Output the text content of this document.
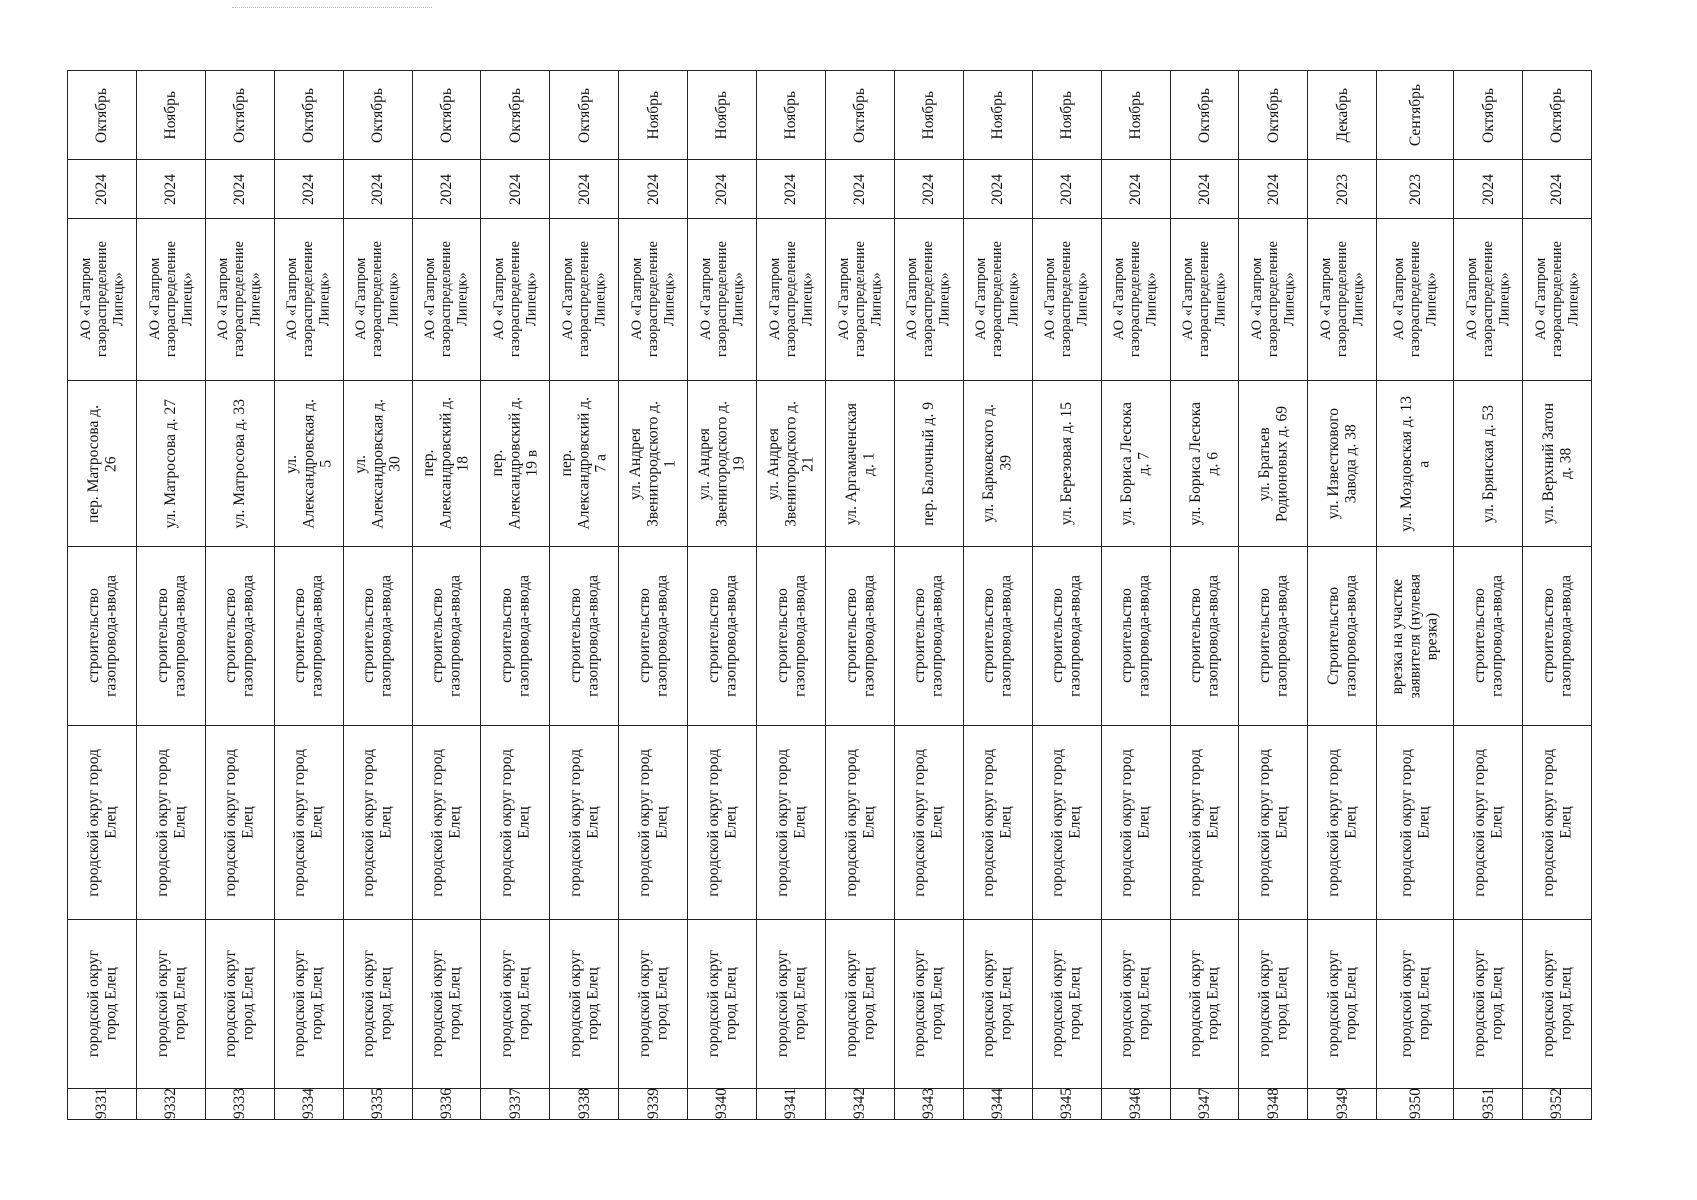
Октябрь
2024
АО «Газпром
газораспределение
Липецк»
пер. Матросова д.
26
строительство
газопровода-ввода
городской округ город
Елец
городской округ
город Елец
9331
Ноябрь
2024
АО «Газпром
газораспределение
Липецк»
ул. Матросова д. 27
строительство
газопровода-ввода
городской округ город
Елец
городской округ
город Елец
9332
Октябрь
2024
АО «Газпром
газораспределение
Липецк»
ул. Матросова д. 33
строительство
газопровода-ввода
городской округ город
Елец
городской округ
город Елец
9333
Октябрь
2024
АО «Газпром
газораспределение
Липецк»
ул.
Александровская д.
5
строительство
газопровода-ввода
городской округ город
Елец
городской округ
город Елец
9334
Октябрь
2024
АО «Газпром
газораспределение
Липецк»
ул.
Александровская д.
30
строительство
газопровода-ввода
городской округ город
Елец
городской округ
город Елец
9335
Октябрь
2024
АО «Газпром
газораспределение
Липецк»
пер.
Александровский д.
18
строительство
газопровода-ввода
городской округ город
Елец
городской округ
город Елец
9336
Октябрь
2024
АО «Газпром
газораспределение
Липецк»
пер.
Александровский д.
19 в
строительство
газопровода-ввода
городской округ город
Елец
городской округ
город Елец
9337
Октябрь
2024
АО «Газпром
газораспределение
Липецк»
пер.
Александровский д.
7 а
строительство
газопровода-ввода
городской округ город
Елец
городской округ
город Елец
9338
Ноябрь
2024
АО «Газпром
газораспределение
Липецк»
ул. Андрея
Звенигородского д.
1
строительство
газопровода-ввода
городской округ город
Елец
городской округ
город Елец
9339
Ноябрь
2024
АО «Газпром
газораспределение
Липецк»
ул. Андрея
Звенигородского д.
19
строительство
газопровода-ввода
городской округ город
Елец
городской округ
город Елец
9340
Ноябрь
2024
АО «Газпром
газораспределение
Липецк»
ул. Андрея
Звенигородского д.
21
строительство
газопровода-ввода
городской округ город
Елец
городской округ
город Елец
9341
Октябрь
2024
АО «Газпром
газораспределение
Липецк»
ул. Аргамаченская
д. 1
строительство
газопровода-ввода
городской округ город
Елец
городской округ
город Елец
9342
Ноябрь
2024
АО «Газпром
газораспределение
Липецк»
пер. Балочный д. 9
строительство
газопровода-ввода
городской округ город
Елец
городской округ
город Елец
9343
Ноябрь
2024
АО «Газпром
газораспределение
Липецк»
ул. Барковского д.
39
строительство
газопровода-ввода
городской округ город
Елец
городской округ
город Елец
9344
Ноябрь
2024
АО «Газпром
газораспределение
Липецк»
ул. Березовая д. 15
строительство
газопровода-ввода
городской округ город
Елец
городской округ
город Елец
9345
Ноябрь
2024
АО «Газпром
газораспределение
Липецк»
ул. Бориса Лесюка
д. 7
строительство
газопровода-ввода
городской округ город
Елец
городской округ
город Елец
9346
Октябрь
2024
АО «Газпром
газораспределение
Липецк»
ул. Бориса Лесюка
д. 6
строительство
газопровода-ввода
городской округ город
Елец
городской округ
город Елец
9347
Октябрь
2024
АО «Газпром
газораспределение
Липецк»
ул. Братьев
Родионовых д. 69
строительство
газопровода-ввода
городской округ город
Елец
городской округ
город Елец
9348
Декабрь
2023
АО «Газпром
газораспределение
Липецк»
ул. Известкового
Завода д. 38
Строительство
газопровода-ввода
городской округ город
Елец
городской округ
город Елец
9349
Сентябрь
2023
АО «Газпром
газораспределение
Липецк»
ул. Моздовская д. 13
а
врезка на участке
заявителя (нулевая
врезка)
городской округ город
Елец
городской округ
город Елец
9350
Октябрь
2024
АО «Газпром
газораспределение
Липецк»
ул. Брянская д. 53
строительство
газопровода-ввода
городской округ город
Елец
городской округ
город Елец
9351
Октябрь
2024
АО «Газпром
газораспределение
Липецк»
ул. Верхний Затон
д. 38
строительство
газопровода-ввода
городской округ город
Елец
городской округ
город Елец
9352
